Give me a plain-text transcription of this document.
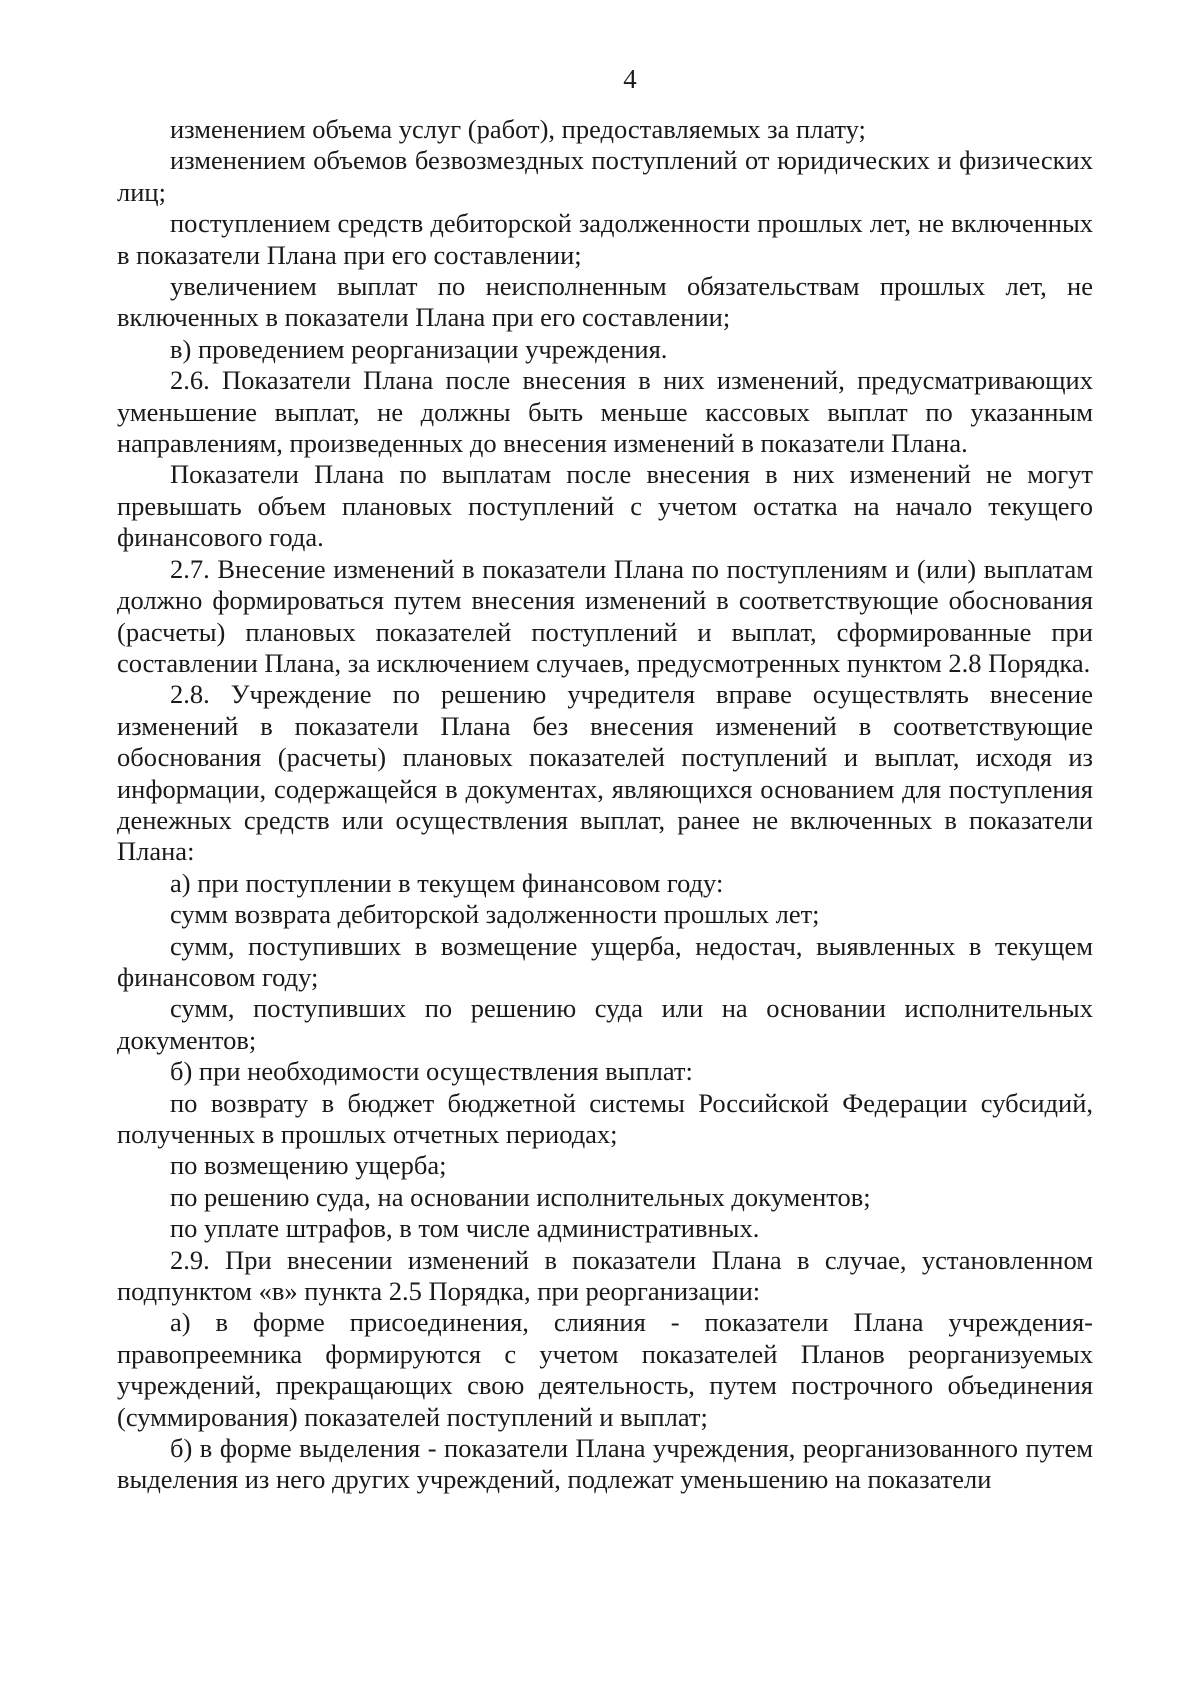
4

изменением объема услуг (работ), предоставляемых за плату;

изменением объемов безвозмездных поступлений от юридических и физических лиц;

поступлением средств дебиторской задолженности прошлых лет, не включенных в показатели Плана при его составлении;

увеличением выплат по неисполненным обязательствам прошлых лет, не включенных в показатели Плана при его составлении;

в) проведением реорганизации учреждения.

2.6. Показатели Плана после внесения в них изменений, предусматривающих уменьшение выплат, не должны быть меньше кассовых выплат по указанным направлениям, произведенных до внесения изменений в показатели Плана.

Показатели Плана по выплатам после внесения в них изменений не могут превышать объем плановых поступлений с учетом остатка на начало текущего финансового года.

2.7. Внесение изменений в показатели Плана по поступлениям и (или) выплатам должно формироваться путем внесения изменений в соответствующие обоснования (расчеты) плановых показателей поступлений и выплат, сформированные при составлении Плана, за исключением случаев, предусмотренных пунктом 2.8 Порядка.

2.8. Учреждение по решению учредителя вправе осуществлять внесение изменений в показатели Плана без внесения изменений в соответствующие обоснования (расчеты) плановых показателей поступлений и выплат, исходя из информации, содержащейся в документах, являющихся основанием для поступления денежных средств или осуществления выплат, ранее не включенных в показатели Плана:

а) при поступлении в текущем финансовом году:

сумм возврата дебиторской задолженности прошлых лет;

сумм, поступивших в возмещение ущерба, недостач, выявленных в текущем финансовом году;

сумм, поступивших по решению суда или на основании исполнительных документов;

б) при необходимости осуществления выплат:

по возврату в бюджет бюджетной системы Российской Федерации субсидий, полученных в прошлых отчетных периодах;

по возмещению ущерба;

по решению суда, на основании исполнительных документов;

по уплате штрафов, в том числе административных.

2.9. При внесении изменений в показатели Плана в случае, установленном подпунктом «в» пункта 2.5 Порядка, при реорганизации:

а) в форме присоединения, слияния - показатели Плана учреждения-правопреемника формируются с учетом показателей Планов реорганизуемых учреждений, прекращающих свою деятельность, путем построчного объединения (суммирования) показателей поступлений и выплат;

б) в форме выделения - показатели Плана учреждения, реорганизованного путем выделения из него других учреждений, подлежат уменьшению на показатели
